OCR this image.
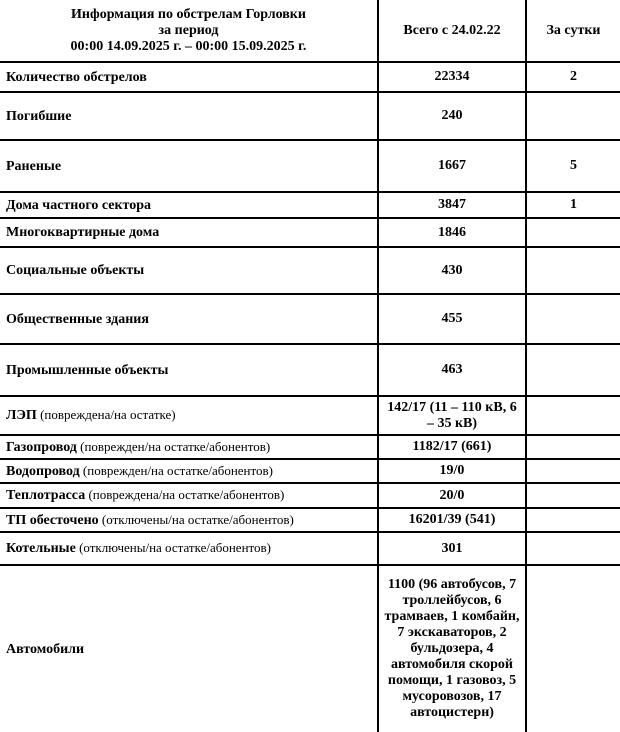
Информация по обстрелам Горловки
за период
00:00 14.09.2025 г. – 00:00 15.09.2025 г.	Всего с 24.02.22	За сутки
Количество обстрелов	22334	2
Погибшие	240	
Раненые	1667	5
Дома частного сектора	3847	1
Многоквартирные дома	1846	
Социальные объекты	430	
Общественные здания	455	
Промышленные объекты	463	
ЛЭП (повреждена/на остатке)	142/17 (11 – 110 кВ, 6 – 35 кВ)	
Газопровод (поврежден/на остатке/абонентов)	1182/17 (661)	
Водопровод (поврежден/на остатке/абонентов)	19/0	
Теплотрасса (повреждена/на остатке/абонентов)	20/0	
ТП обесточено (отключены/на остатке/абонентов)	16201/39 (541)	
Котельные (отключены/на остатке/абонентов)	301	
Автомобили	1100 (96 автобусов, 7 троллейбусов, 6 трамваев, 1 комбайн, 7 экскаваторов, 2 бульдозера, 4 автомобиля скорой помощи, 1 газовоз, 5 мусоровозов, 17 автоцистерн)	
